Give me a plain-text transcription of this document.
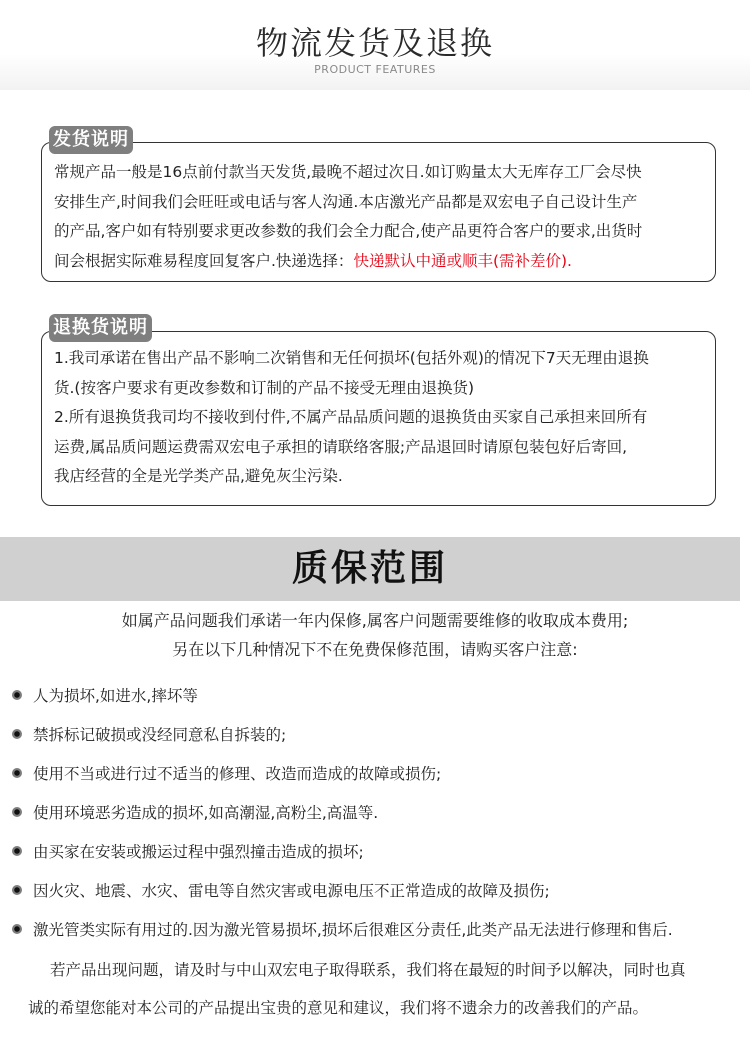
物流发货及退换
PRODUCT FEATURES
常规产品一般是16点前付款当天发货,最晚不超过次日.如订购量太大无库存工厂会尽快
安排生产,时间我们会旺旺或电话与客人沟通.本店激光产品都是双宏电子自己设计生产
的产品,客户如有特别要求更改参数的我们会全力配合,使产品更符合客户的要求,出货时
间会根据实际难易程度回复客户.快递选择：快递默认中通或顺丰(需补差价).
发货说明
1.我司承诺在售出产品不影响二次销售和无任何损坏(包括外观)的情况下7天无理由退换
货.(按客户要求有更改参数和订制的产品不接受无理由退换货)
2.所有退换货我司均不接收到付件,不属产品品质问题的退换货由买家自己承担来回所有
运费,属品质问题运费需双宏电子承担的请联络客服;产品退回时请原包装包好后寄回,
我店经营的全是光学类产品,避免灰尘污染.
退换货说明
质保范围
如属产品问题我们承诺一年内保修,属客户问题需要维修的收取成本费用;
另在以下几种情况下不在免费保修范围，请购买客户注意:
人为损坏,如进水,摔坏等
禁拆标记破损或没经同意私自拆装的;
使用不当或进行过不适当的修理、改造而造成的故障或损伤;
使用环境恶劣造成的损坏,如高潮湿,高粉尘,高温等.
由买家在安装或搬运过程中强烈撞击造成的损坏;
因火灾、地震、水灾、雷电等自然灾害或电源电压不正常造成的故障及损伤;
激光管类实际有用过的.因为激光管易损坏,损坏后很难区分责任,此类产品无法进行修理和售后.
若产品出现问题，请及时与中山双宏电子取得联系，我们将在最短的时间予以解决，同时也真
诚的希望您能对本公司的产品提出宝贵的意见和建议，我们将不遗余力的改善我们的产品。
